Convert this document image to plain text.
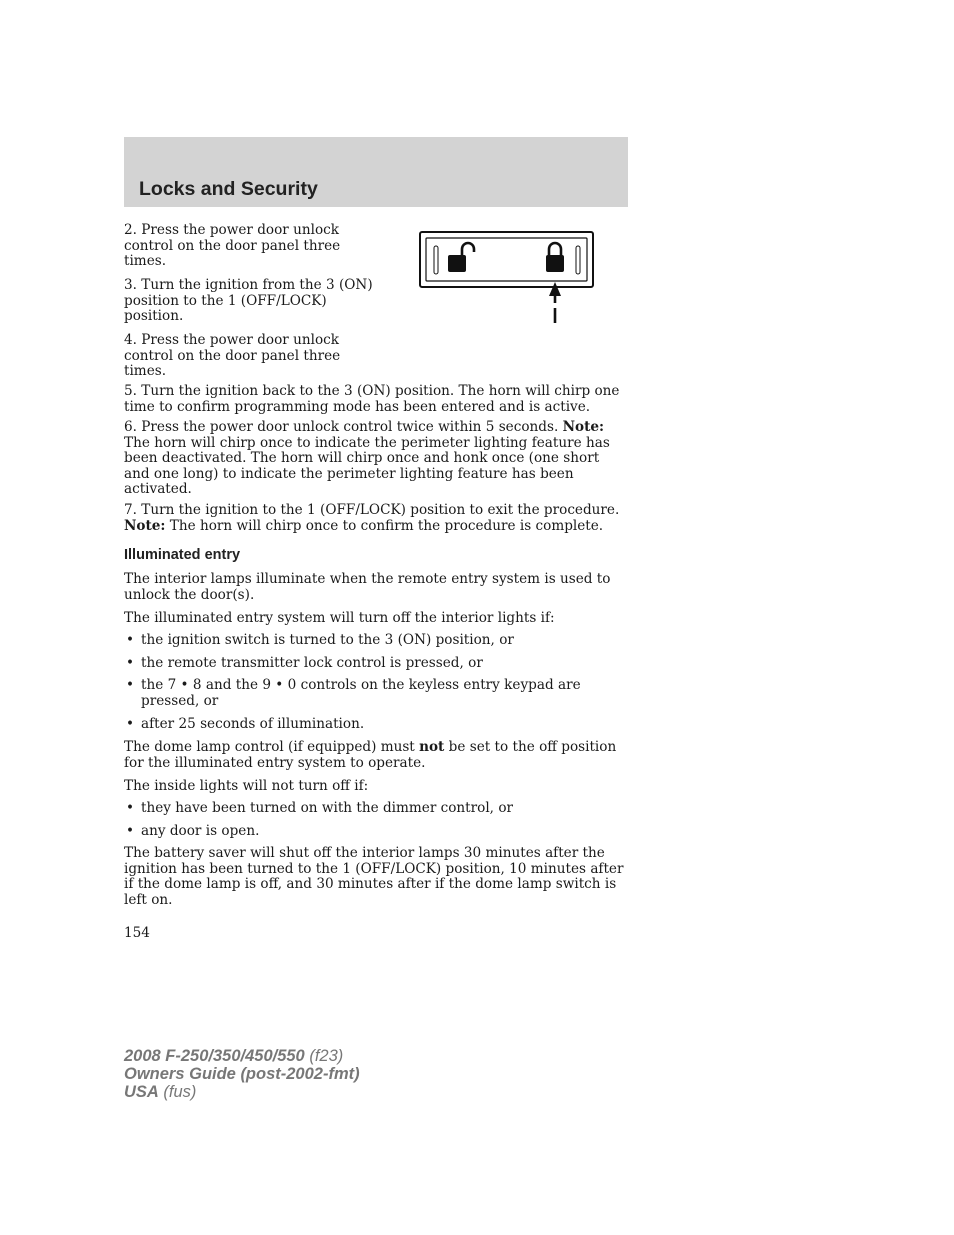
Locks and Security

2. Press the power door unlock control on the door panel three times.

3. Turn the ignition from the 3 (ON) position to the 1 (OFF/LOCK) position.

4. Press the power door unlock control on the door panel three times.

5. Turn the ignition back to the 3 (ON) position. The horn will chirp one time to confirm programming mode has been entered and is active.

6. Press the power door unlock control twice within 5 seconds. Note: The horn will chirp once to indicate the perimeter lighting feature has been deactivated. The horn will chirp once and honk once (one short and one long) to indicate the perimeter lighting feature has been activated.

7. Turn the ignition to the 1 (OFF/LOCK) position to exit the procedure. Note: The horn will chirp once to confirm the procedure is complete.

Illuminated entry

The interior lamps illuminate when the remote entry system is used to unlock the door(s).

The illuminated entry system will turn off the interior lights if:

• the ignition switch is turned to the 3 (ON) position, or
• the remote transmitter lock control is pressed, or
• the 7 • 8 and the 9 • 0 controls on the keyless entry keypad are pressed, or
• after 25 seconds of illumination.

The dome lamp control (if equipped) must not be set to the off position for the illuminated entry system to operate.

The inside lights will not turn off if:

• they have been turned on with the dimmer control, or
• any door is open.

The battery saver will shut off the interior lamps 30 minutes after the ignition has been turned to the 1 (OFF/LOCK) position, 10 minutes after if the dome lamp is off, and 30 minutes after if the dome lamp switch is left on.

154
2008 F-250/350/450/550 (f23)
Owners Guide (post-2002-fmt)
USA (fus)
